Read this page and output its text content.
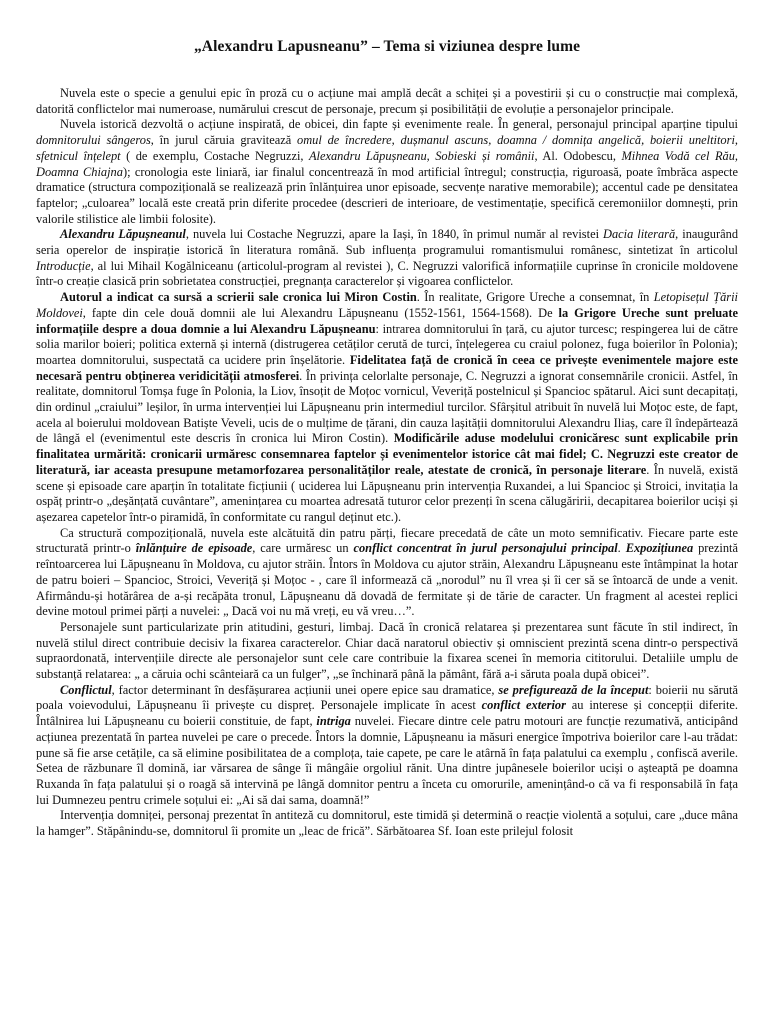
„Alexandru Lapusneanu” – Tema si viziunea despre lume

Nuvela este o specie a genului epic în proză cu o acțiune mai amplă decât a schiței și a povestirii și cu o construcție mai complexă, datorită conflictelor mai numeroase, numărului crescut de personaje, precum și posibilității de evoluție a personajelor principale.

Nuvela istorică dezvoltă o acțiune inspirată, de obicei, din fapte și evenimente reale. În general, personajul principal aparține tipului domnitorului sângeros, în jurul căruia gravitează omul de încredere, dușmanul ascuns, doamna / domnița angelică, boierii uneltitori, sfetnicul înțelept ( de exemplu, Costache Negruzzi, Alexandru Lăpușneanu, Sobieski și românii, Al. Odobescu, Mihnea Vodă cel Rău, Doamna Chiajna); cronologia este liniară, iar finalul concentrează în mod artificial întregul; construcția, riguroasă, poate îmbrăca aspecte dramatice (structura compozițională se realizează prin înlănțuirea unor episoade, secvențe narative memorabile); accentul cade pe densitatea faptelor; „culoarea” locală este creată prin diferite procedee (descrieri de interioare, de vestimentație, specifică ceremoniilor domnești, prin valorile stilistice ale limbii folosite).

Alexandru Lăpușneanul, nuvela lui Costache Negruzzi, apare la Iași, în 1840, în primul număr al revistei Dacia literară, inaugurând seria operelor de inspirație istorică în literatura română. Sub influența programului romantismului românesc, sintetizat în articolul Introducție, al lui Mihail Kogălniceanu (articolul-program al revistei ), C. Negruzzi valorifică informațiile cuprinse în cronicile moldovene într-o creație clasică prin sobrietatea construcției, pregnanța caracterelor și vigoarea conflictelor.

Autorul a indicat ca sursă a scrierii sale cronica lui Miron Costin. În realitate, Grigore Ureche a consemnat, în Letopisețul Țării Moldovei, fapte din cele două domnii ale lui Alexandru Lăpușneanu (1552-1561, 1564-1568). De la Grigore Ureche sunt preluate informațiile despre a doua domnie a lui Alexandru Lăpușneanu: intrarea domnitorului în țară, cu ajutor turcesc; respingerea lui de către solia marilor boieri; politica externă și internă (distrugerea cetăților cerută de turci, înțelegerea cu craiul polonez, fuga boierilor în Polonia); moartea domnitorului, suspectată ca ucidere prin înșelătorie. Fidelitatea față de cronică în ceea ce privește evenimentele majore este necesară pentru obținerea veridicității atmosferei. În privința celorlalte personaje, C. Negruzzi a ignorat consemnările cronicii. Astfel, în realitate, domnitorul Tomșa fuge în Polonia, la Liov, însoțit de Moțoc vornicul, Veveriță postelnicul și Spancioc spătarul. Aici sunt decapitați, din ordinul „craiului” leșilor, în urma intervenției lui Lăpușneanu prin intermediul turcilor. Sfârșitul atribuit în nuvelă lui Moțoc este, de fapt, acela al boierului moldovean Batiște Veveli, ucis de o mulțime de țărani, din cauza lașității domnitorului Alexandru Iliaș, care îl îndepărtează de lângă el (evenimentul este descris în cronica lui Miron Costin). Modificările aduse modelului cronicăresc sunt explicabile prin finalitatea urmărită: cronicarii urmăresc consemnarea faptelor și evenimentelor istorice cât mai fidel; C. Negruzzi este creator de literatură, iar aceasta presupune metamorfozarea personalităților reale, atestate de cronică, în personaje literare. În nuvelă, există scene și episoade care aparțin în totalitate ficțiunii ( uciderea lui Lăpușneanu prin intervenția Ruxandei, a lui Spancioc și Stroici, invitația la ospăț printr-o „deșănțată cuvântare”, amenințarea cu moartea adresată tuturor celor prezenți în scena călugăririi, decapitarea boierilor uciși și așezarea capetelor într-o piramidă, în conformitate cu rangul deținut etc.).

Ca structură compozițională, nuvela este alcătuită din patru părți, fiecare precedată de câte un moto semnificativ. Fiecare parte este structurată printr-o înlănțuire de episoade, care urmăresc un conflict concentrat în jurul personajului principal. Expozițiunea prezintă reîntoarcerea lui Lăpușneanu în Moldova, cu ajutor străin. Întors în Moldova cu ajutor străin, Alexandru Lăpușneanu este întâmpinat la hotar de patru boieri – Spancioc, Stroici, Veveriță și Moțoc - , care îl informează că „norodul” nu îl vrea și îi cer să se întoarcă de unde a venit. Afirmându-și hotărârea de a-și recăpăta tronul, Lăpușneanu dă dovadă de fermitate și de tărie de caracter. Un fragment al acestei replici devine motoul primei părți a nuvelei: „ Dacă voi nu mă vreți, eu vă vreu…”.

Personajele sunt particularizate prin atitudini, gesturi, limbaj. Dacă în cronică relatarea și prezentarea sunt făcute în stil indirect, în nuvelă stilul direct contribuie decisiv la fixarea caracterelor. Chiar dacă naratorul obiectiv și omniscient prezintă scena dintr-o perspectivă supraordonată, intervențiile directe ale personajelor sunt cele care contribuie la fixarea scenei în memoria cititorului. Detaliile umplu de substanță relatarea: „ a căruia ochi scânteiară ca un fulger”, „se închinară până la pământ, fără a-i săruta poala după obicei”.

Conflictul, factor determinant în desfășurarea acțiunii unei opere epice sau dramatice, se prefigurează de la început: boierii nu sărută poala voievodului, Lăpușneanu îi privește cu dispreț. Personajele implicate în acest conflict exterior au interese și concepții diferite. Întâlnirea lui Lăpușneanu cu boierii constituie, de fapt, intriga nuvelei. Fiecare dintre cele patru motouri are funcție rezumativă, anticipând acțiunea prezentată în partea nuvelei pe care o precede. Întors la domnie, Lăpușneanu ia măsuri energice împotriva boierilor care l-au trădat: pune să fie arse cetățile, ca să elimine posibilitatea de a comploța, taie capete, pe care le atârnă în fața palatului ca exemplu , confiscă averile. Setea de răzbunare îl domină, iar vărsarea de sânge îi mângâie orgoliul rănit. Una dintre jupânesele boierilor uciși o așteaptă pe doamna Ruxanda în fața palatului și o roagă să intervină pe lângă domnitor pentru a înceta cu omorurile, amenințând-o că va fi responsabilă în fața lui Dumnezeu pentru crimele soțului ei: „Ai să dai sama, doamnă!”

Intervenția domniței, personaj prezentat în antiteză cu domnitorul, este timidă și determină o reacție violentă a soțului, care „duce mâna la hamger”. Stăpânindu-se, domnitorul îi promite un „leac de frică”. Sărbătoarea Sf. Ioan este prilejul folosit
